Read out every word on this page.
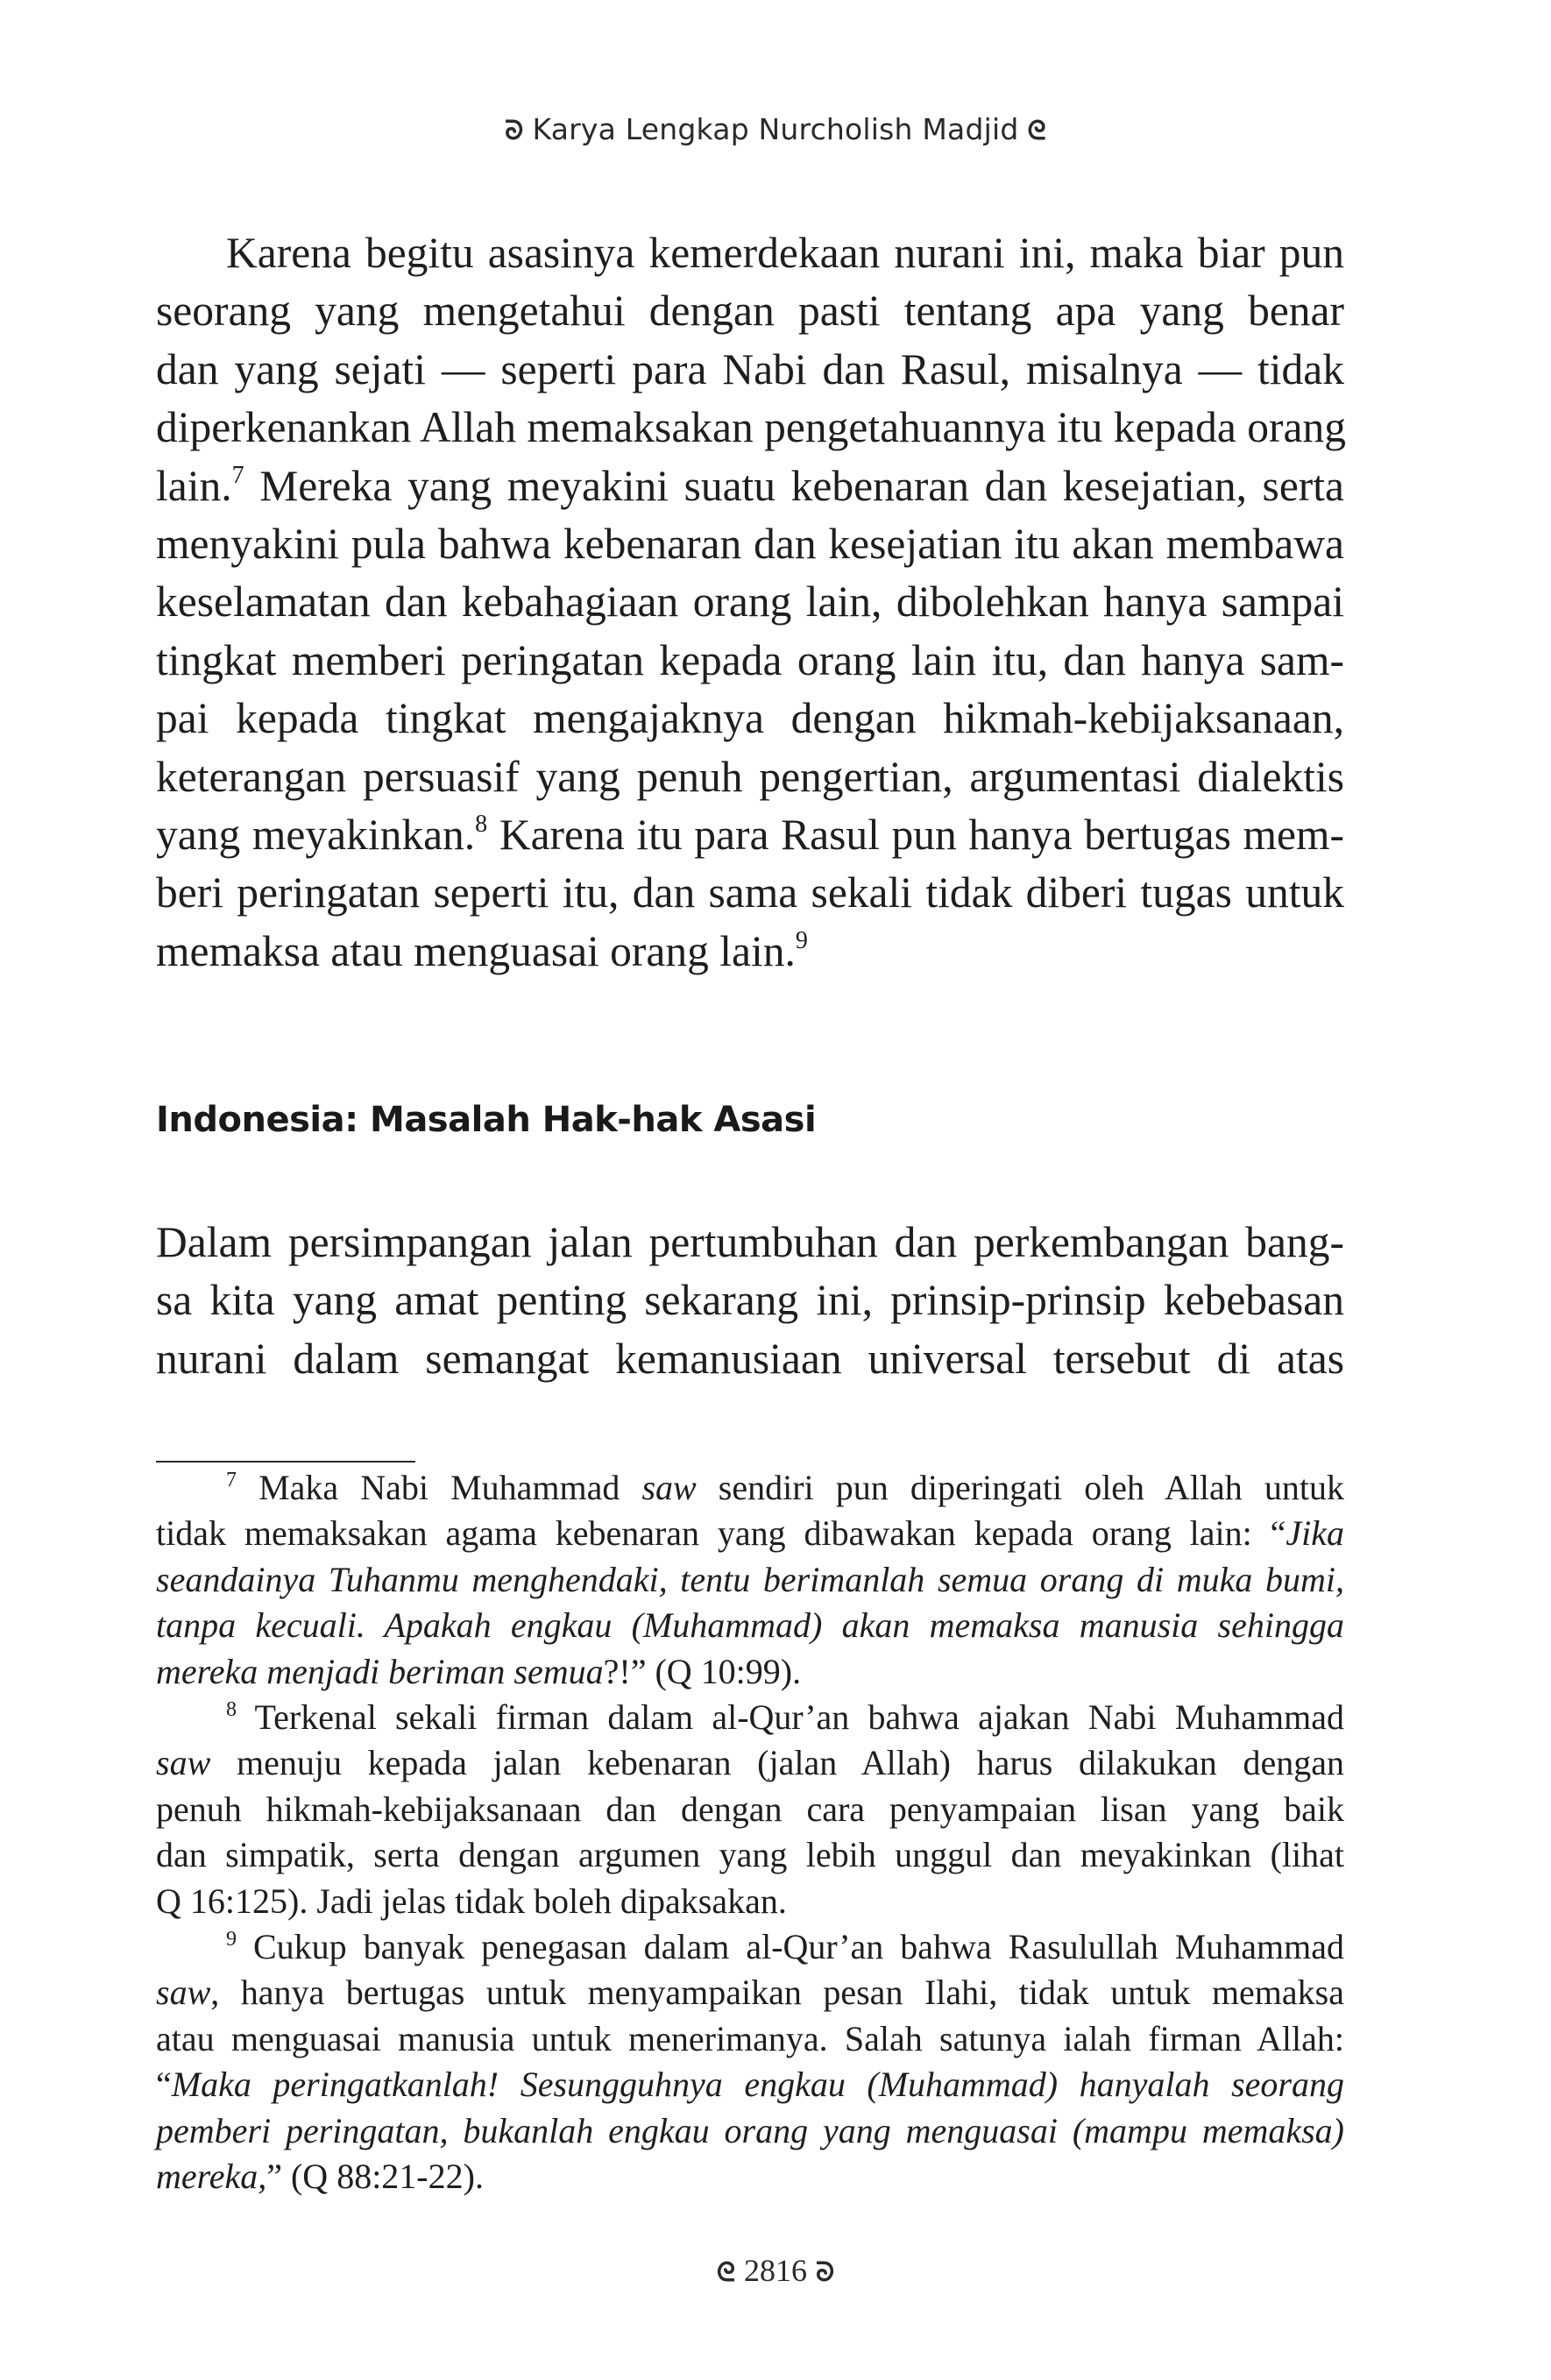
ᘐ Karya Lengkap Nurcholish Madjid ᘓ
Karena begitu asasinya kemerdekaan nurani ini, maka biar pun
seorang yang mengetahui dengan pasti tentang apa yang benar
dan yang sejati — seperti para Nabi dan Rasul, misalnya — tidak
diperkenankan Allah memaksakan pengetahuannya itu kepada orang
lain.$^7$ Mereka yang meyakini suatu kebenaran dan kesejatian, serta
menyakini pula bahwa kebenaran dan kesejatian itu akan membawa
keselamatan dan kebahagiaan orang lain, dibolehkan hanya sampai
tingkat memberi peringatan kepada orang lain itu, dan hanya sam-
pai kepada tingkat mengajaknya dengan hikmah-kebijaksanaan,
keterangan persuasif yang penuh pengertian, argumentasi dialektis
yang meyakinkan.$^8$ Karena itu para Rasul pun hanya bertugas mem-
beri peringatan seperti itu, dan sama sekali tidak diberi tugas untuk
memaksa atau menguasai orang lain.$^9$
Indonesia: Masalah Hak-hak Asasi
Dalam persimpangan jalan pertumbuhan dan perkembangan bang-
sa kita yang amat penting sekarang ini, prinsip-prinsip kebebasan
nurani dalam semangat kemanusiaan universal tersebut di atas
$^7$ Maka Nabi Muhammad saw sendiri pun diperingati oleh Allah untuk
tidak memaksakan agama kebenaran yang dibawakan kepada orang lain: “Jika
seandainya Tuhanmu menghendaki, tentu berimanlah semua orang di muka bumi,
tanpa kecuali. Apakah engkau (Muhammad) akan memaksa manusia sehingga
mereka menjadi beriman semua?!” (Q 10:99).
$^8$ Terkenal sekali firman dalam al-Qur’an bahwa ajakan Nabi Muhammad
saw menuju kepada jalan kebenaran (jalan Allah) harus dilakukan dengan
penuh hikmah-kebijaksanaan dan dengan cara penyampaian lisan yang baik
dan simpatik, serta dengan argumen yang lebih unggul dan meyakinkan (lihat
Q 16:125). Jadi jelas tidak boleh dipaksakan.
$^9$ Cukup banyak penegasan dalam al-Qur’an bahwa Rasulullah Muhammad
saw, hanya bertugas untuk menyampaikan pesan Ilahi, tidak untuk memaksa
atau menguasai manusia untuk menerimanya. Salah satunya ialah firman Allah:
“Maka peringatkanlah! Sesungguhnya engkau (Muhammad) hanyalah seorang
pemberi peringatan, bukanlah engkau orang yang menguasai (mampu memaksa)
mereka,” (Q 88:21-22).
ᘓ 2816 ᘐ
